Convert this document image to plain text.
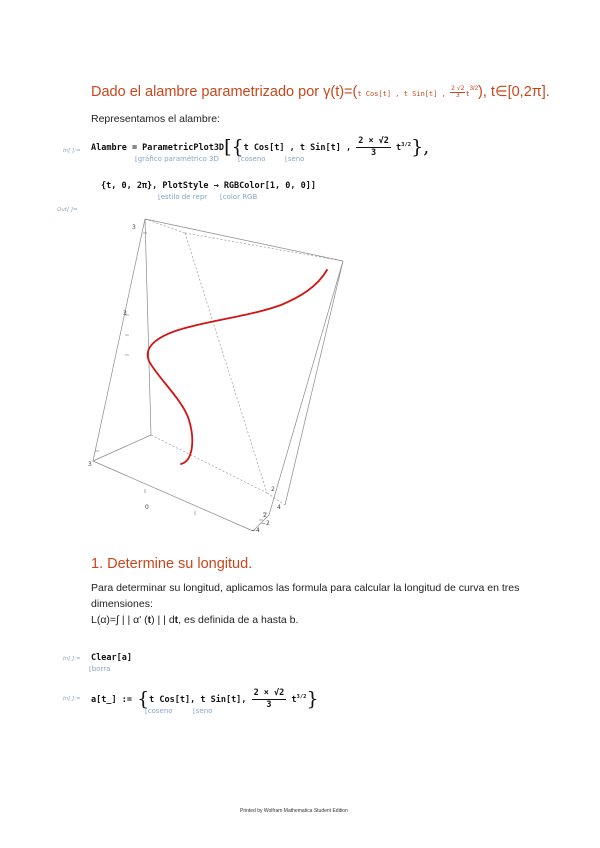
Dado el alambre parametrizado por γ(t)=(t Cos[t] , t Sin[t] , $\frac{2 √2}{3} t^{3/2}$), t∈[0,2π].
Representamos el alambre:
In[ ]:= Alambre = ParametricPlot3D[{t Cos[t] , t Sin[t] , $\frac{2 \times √2}{3} t^{3/2}$},
⌊ gráfico paramétrico 3D	⌊ coseno	⌊ seno
{t, 0, 2π}, PlotStyle → RGBColor[1, 0, 0]]
⌊ estilo de repr	⌊ color RGB
Out[ ]=
3
3
3
0
2
4
2
−2
−4
1. Determine su longitud.
Para determinar su longitud, aplicamos las formula para calcular la longitud de curva en tres
dimensiones:
L(α)=∫ | | α' (t) | | dt, es definida de a hasta b.
In[ ]:= Clear[a]
⌊ borra
In[ ]:= a[t_] := {t Cos[t], t Sin[t], $\frac{2 \times √2}{3} t^{3/2}$}
⌊ coseno	⌊ seno
Printed by Wolfram Mathematica Student Edition
